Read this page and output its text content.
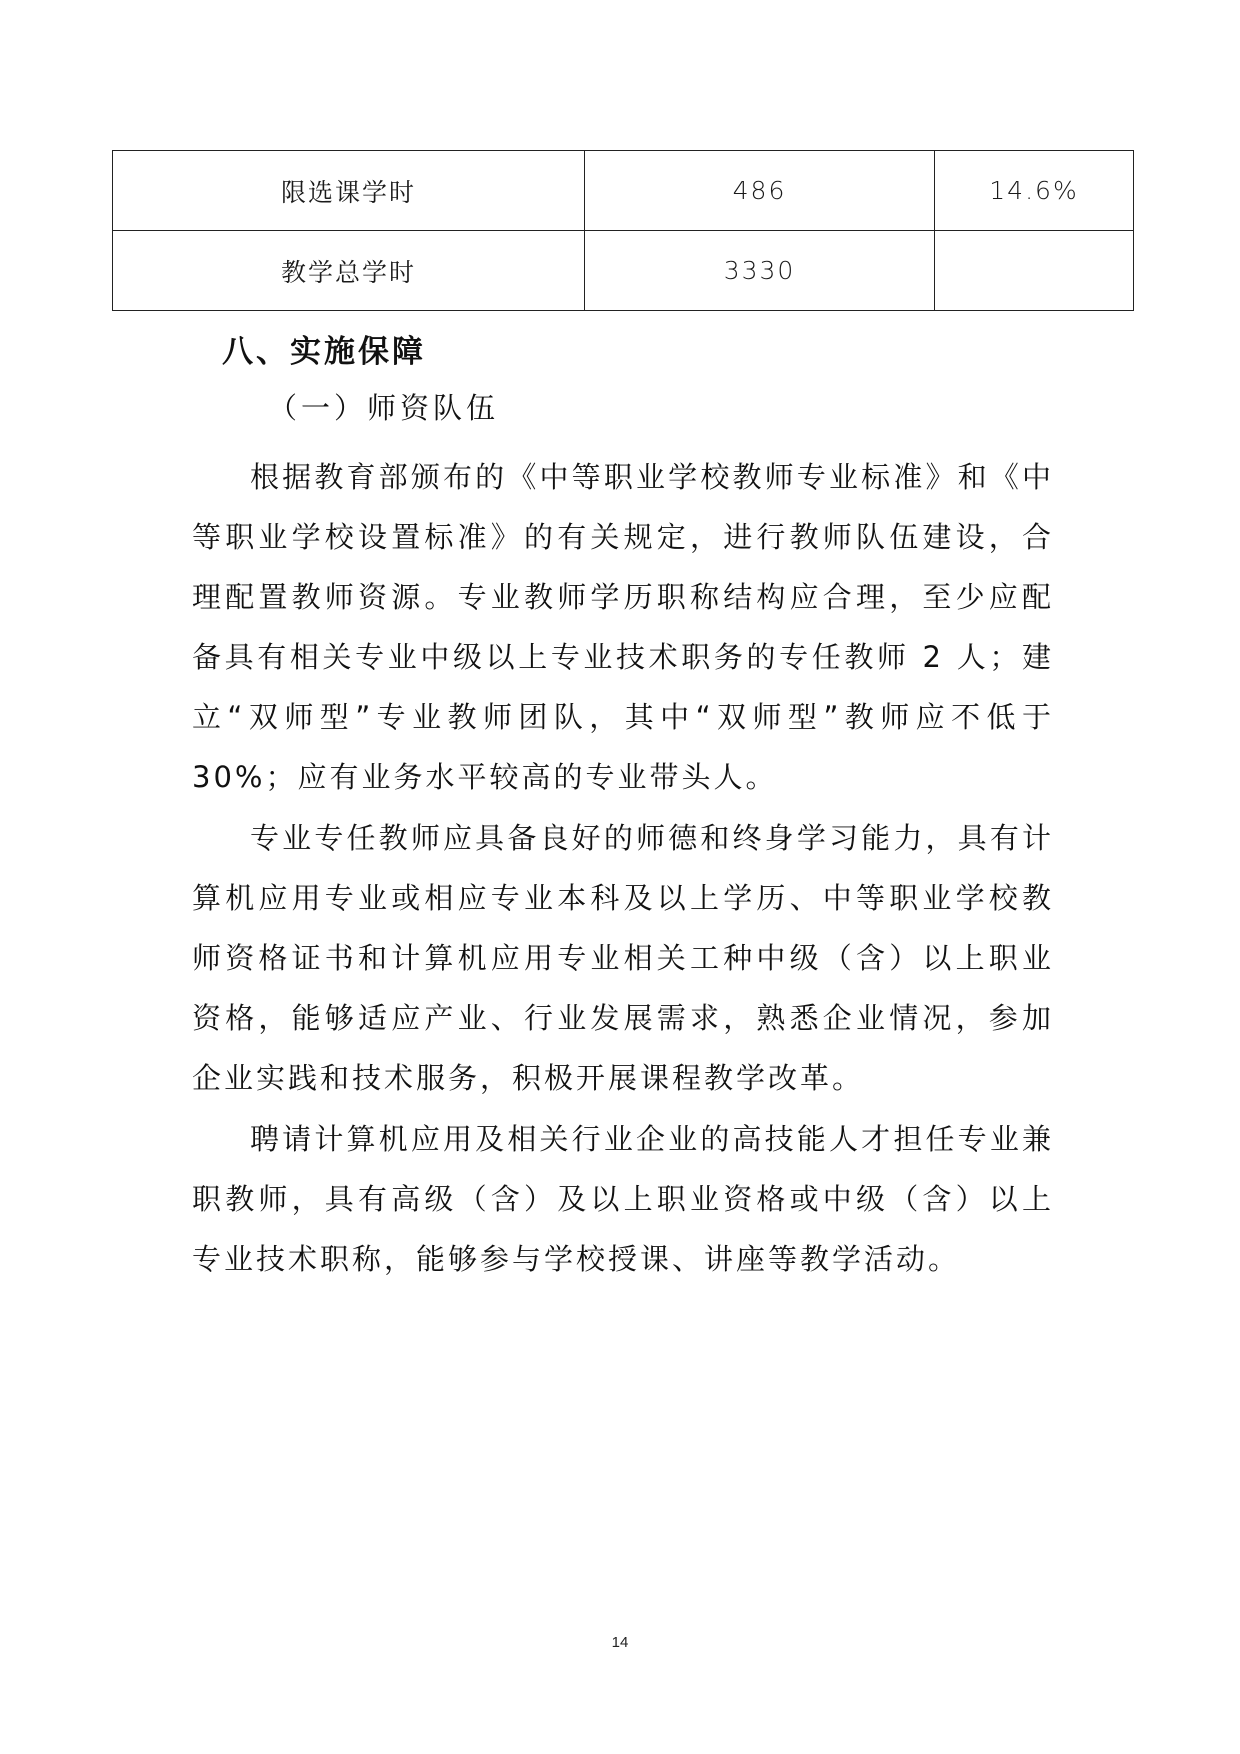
限选课学时	486	14.6%
教学总学时	3330	
八、实施保障
（一）师资队伍

根据教育部颁布的《中等职业学校教师专业标准》和《中等职业学校设置标准》的有关规定，进行教师队伍建设，合理配置教师资源。专业教师学历职称结构应合理，至少应配备具有相关专业中级以上专业技术职务的专任教师 2 人；建立“双师型”专业教师团队，其中“双师型”教师应不低于30%；应有业务水平较高的专业带头人。

专业专任教师应具备良好的师德和终身学习能力，具有计算机应用专业或相应专业本科及以上学历、中等职业学校教师资格证书和计算机应用专业相关工种中级（含）以上职业资格，能够适应产业、行业发展需求，熟悉企业情况，参加企业实践和技术服务，积极开展课程教学改革。

聘请计算机应用及相关行业企业的高技能人才担任专业兼职教师，具有高级（含）及以上职业资格或中级（含）以上专业技术职称，能够参与学校授课、讲座等教学活动。

14
